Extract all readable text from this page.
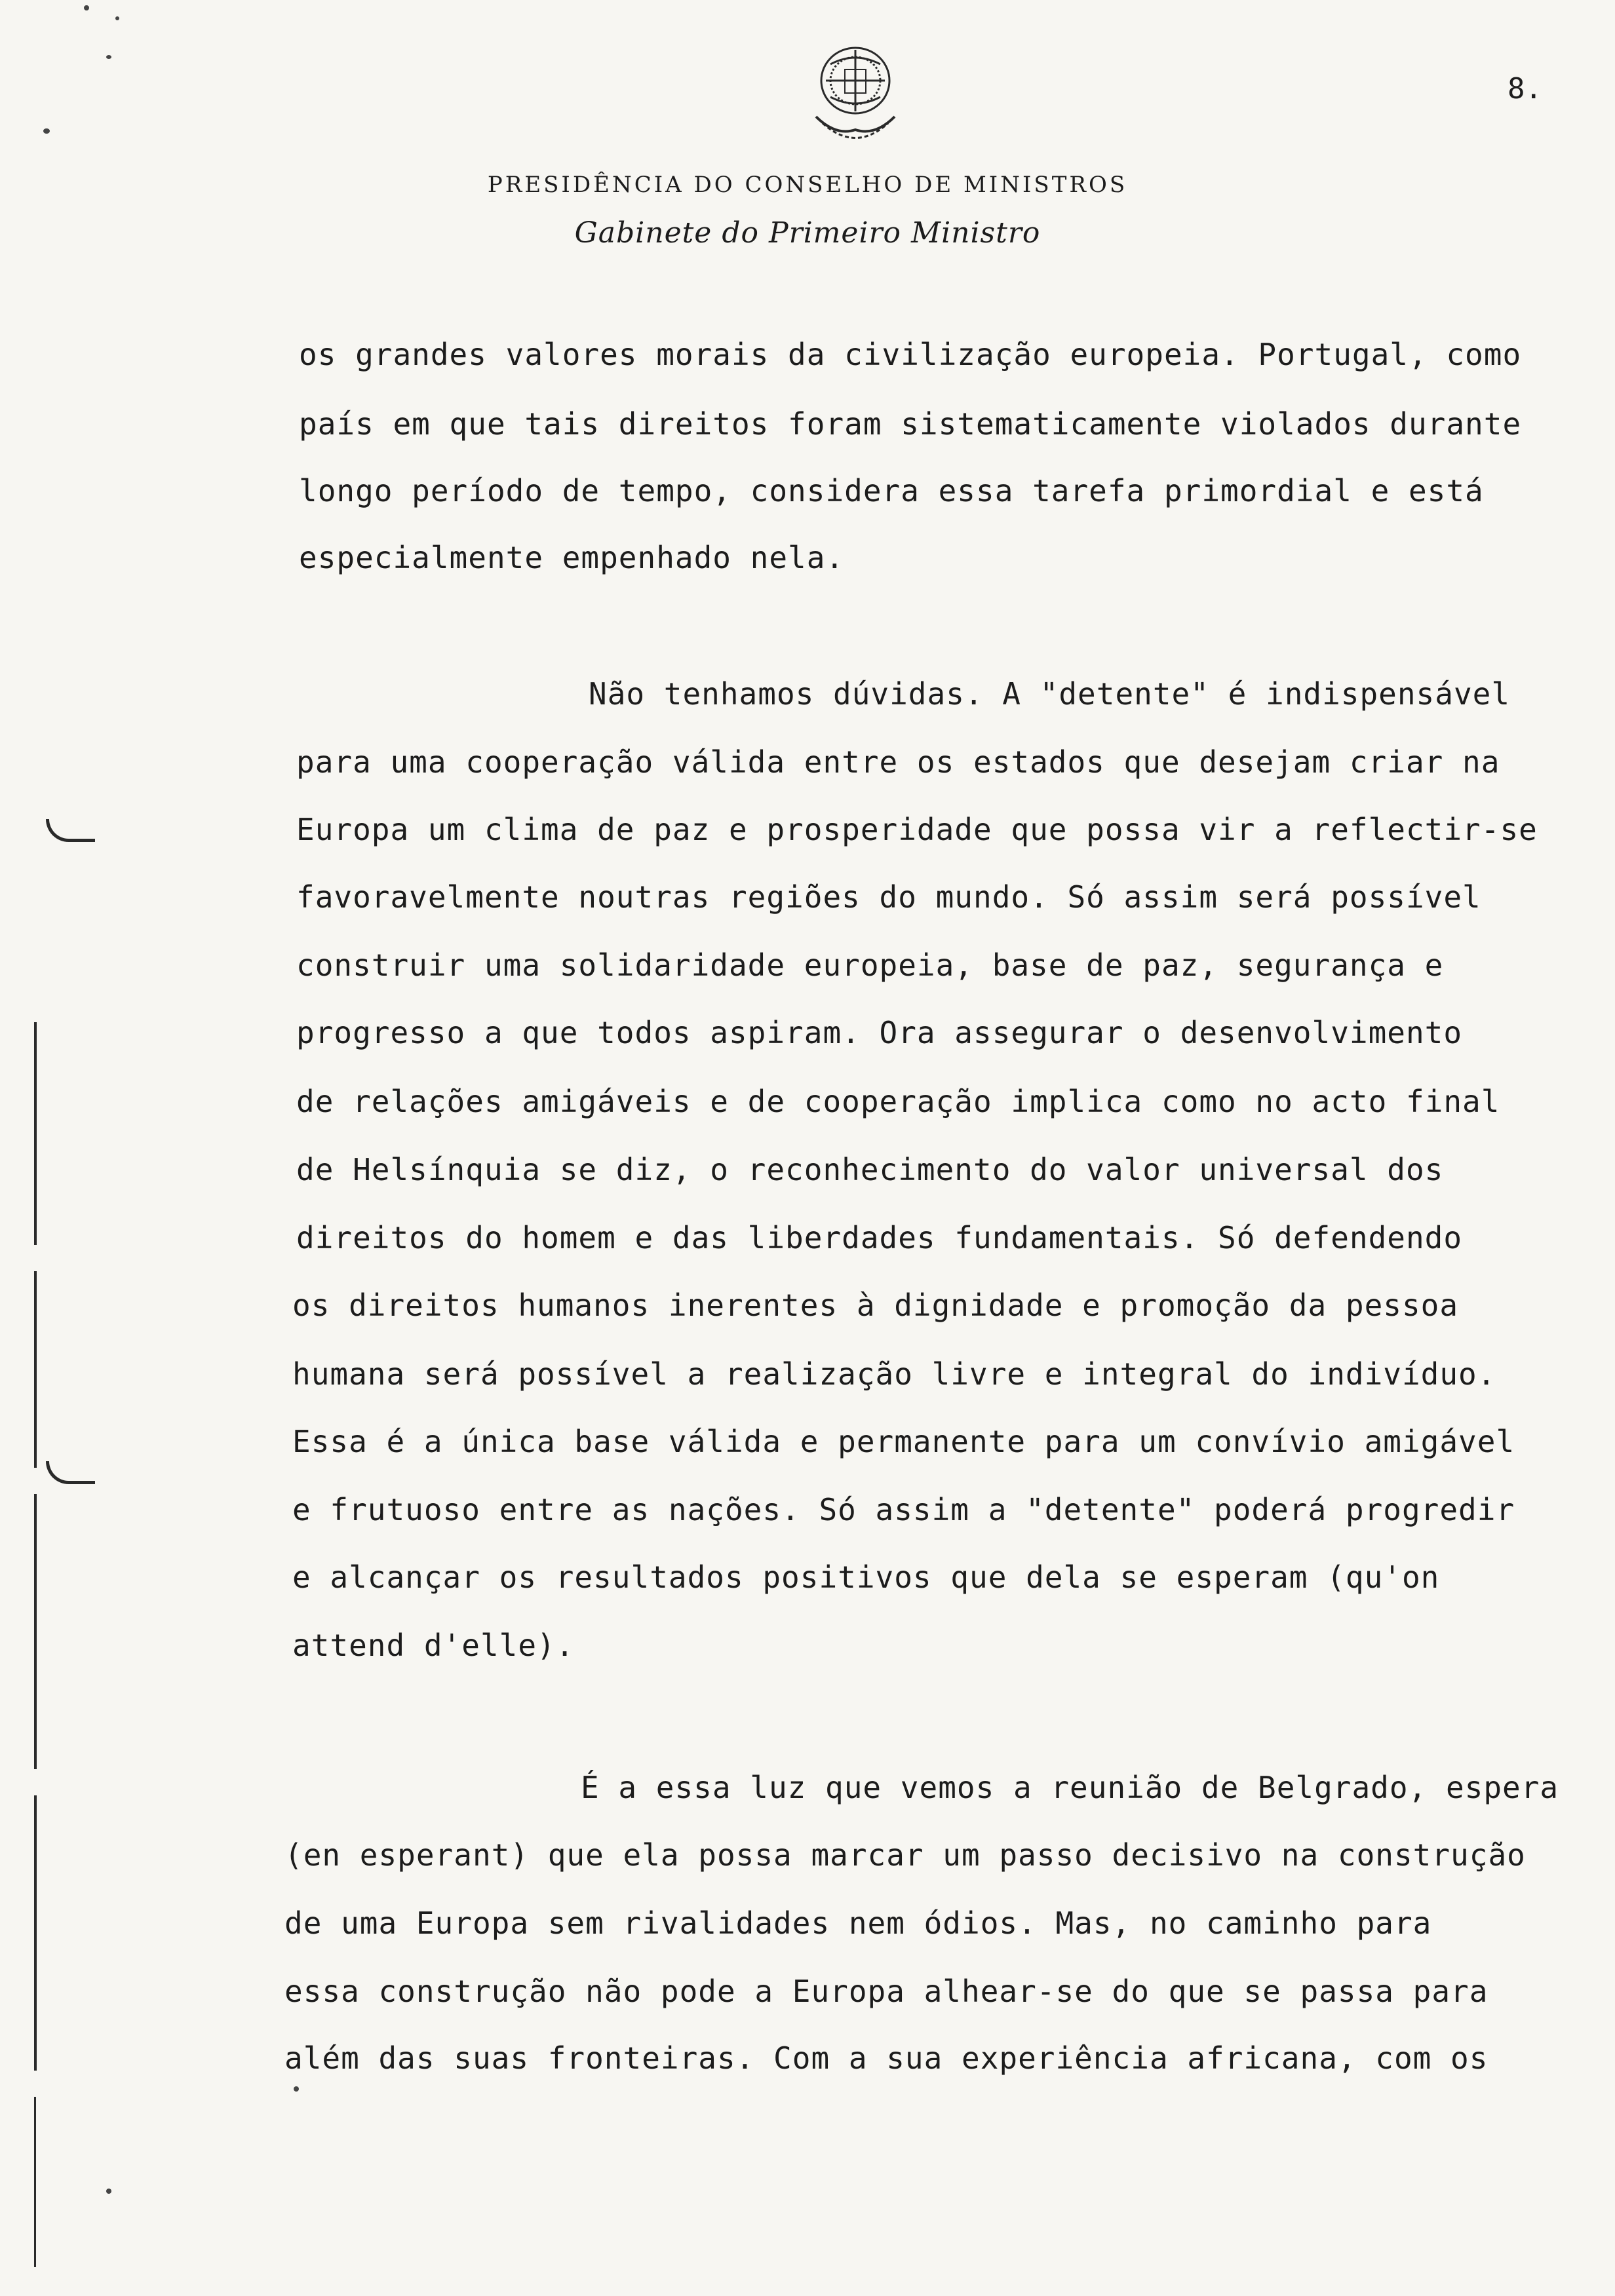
8.
PRESIDÊNCIA DO CONSELHO DE MINISTROS
Gabinete do Primeiro Ministro
os grandes valores morais da civilização europeia. Portugal, como
país em que tais direitos foram sistematicamente violados durante
longo período de tempo, considera essa tarefa primordial e está
especialmente empenhado nela.
Não tenhamos dúvidas. A "detente" é indispensável
para uma cooperação válida entre os estados que desejam criar na
Europa um clima de paz e prosperidade que possa vir a reflectir-se
favoravelmente noutras regiões do mundo. Só assim será possível
construir uma solidaridade europeia, base de paz, segurança e
progresso a que todos aspiram. Ora assegurar o desenvolvimento
de relações amigáveis e de cooperação implica como no acto final
de Helsínquia se diz, o reconhecimento do valor universal dos
direitos do homem e das liberdades fundamentais. Só defendendo
os direitos humanos inerentes à dignidade e promoção da pessoa
humana será possível a realização livre e integral do indivíduo.
Essa é a única base válida e permanente para um convívio amigável
e frutuoso entre as nações. Só assim a "detente" poderá progredir
e alcançar os resultados positivos que dela se esperam (qu'on
attend d'elle).
É a essa luz que vemos a reunião de Belgrado, espera
(en esperant) que ela possa marcar um passo decisivo na construção
de uma Europa sem rivalidades nem ódios. Mas, no caminho para
essa construção não pode a Europa alhear-se do que se passa para
além das suas fronteiras. Com a sua experiência africana, com os
